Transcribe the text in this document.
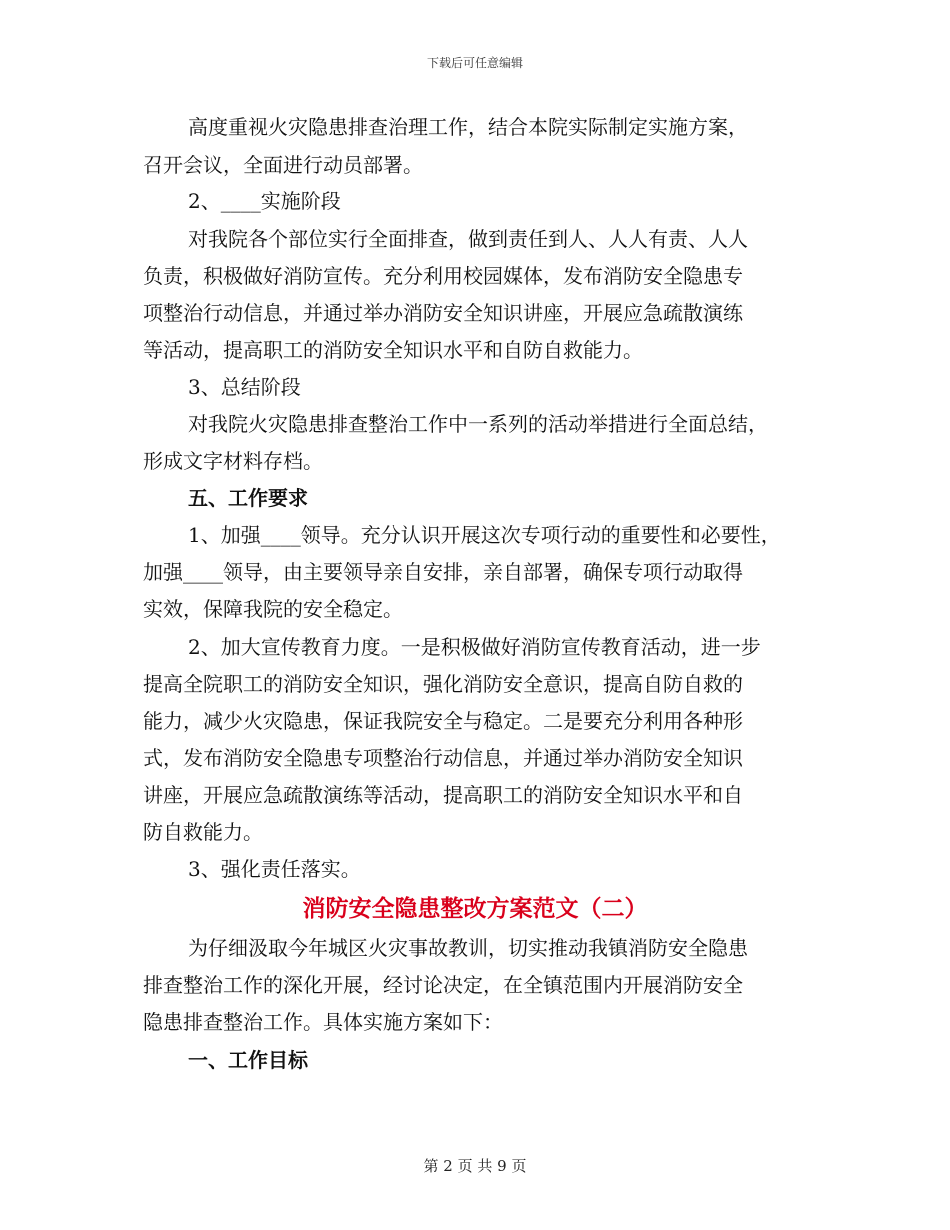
下载后可任意编辑
高度重视火灾隐患排查治理工作，结合本院实际制定实施方案，
召开会议，全面进行动员部署。
2、____实施阶段
对我院各个部位实行全面排查，做到责任到人、人人有责、人人
负责，积极做好消防宣传。充分利用校园媒体，发布消防安全隐患专
项整治行动信息，并通过举办消防安全知识讲座，开展应急疏散演练
等活动，提高职工的消防安全知识水平和自防自救能力。
3、总结阶段
对我院火灾隐患排查整治工作中一系列的活动举措进行全面总结，
形成文字材料存档。
五、工作要求
1、加强____领导。充分认识开展这次专项行动的重要性和必要性，
加强____领导，由主要领导亲自安排，亲自部署，确保专项行动取得
实效，保障我院的安全稳定。
2、加大宣传教育力度。一是积极做好消防宣传教育活动，进一步
提高全院职工的消防安全知识，强化消防安全意识，提高自防自救的
能力，减少火灾隐患，保证我院安全与稳定。二是要充分利用各种形
式，发布消防安全隐患专项整治行动信息，并通过举办消防安全知识
讲座，开展应急疏散演练等活动，提高职工的消防安全知识水平和自
防自救能力。
3、强化责任落实。
消防安全隐患整改方案范文（二）
为仔细汲取今年城区火灾事故教训，切实推动我镇消防安全隐患
排查整治工作的深化开展，经讨论决定，在全镇范围内开展消防安全
隐患排查整治工作。具体实施方案如下：
一、工作目标
第 2 页 共 9 页
